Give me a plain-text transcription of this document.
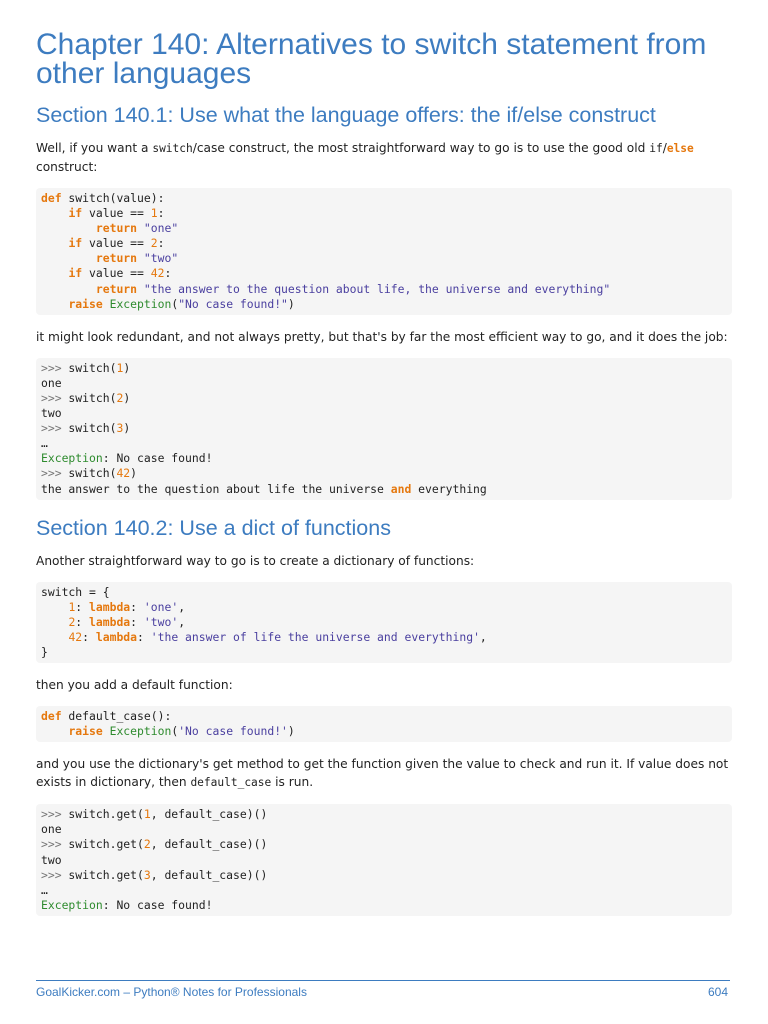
Chapter 140: Alternatives to switch statement from other languages
Section 140.1: Use what the language offers: the if/else construct

Well, if you want a switch/case construct, the most straightforward way to go is to use the good old if/else construct:

def switch(value):
if value == 1:
return "one"
if value == 2:
return "two"
if value == 42:
return "the answer to the question about life, the universe and everything"
raise Exception("No case found!")

it might look redundant, and not always pretty, but that's by far the most efficient way to go, and it does the job:

>>> switch(1)
one
>>> switch(2)
two
>>> switch(3)
…
Exception: No case found!
>>> switch(42)
the answer to the question about life the universe and everything
Section 140.2: Use a dict of functions

Another straightforward way to go is to create a dictionary of functions:

switch = {
1: lambda: 'one',
2: lambda: 'two',
42: lambda: 'the answer of life the universe and everything',
}

then you add a default function:

def default_case():
raise Exception('No case found!')

and you use the dictionary's get method to get the function given the value to check and run it. If value does not exists in dictionary, then default_case is run.

>>> switch.get(1, default_case)()
one
>>> switch.get(2, default_case)()
two
>>> switch.get(3, default_case)()
…
Exception: No case found!
GoalKicker.com – Python® Notes for Professionals	604
